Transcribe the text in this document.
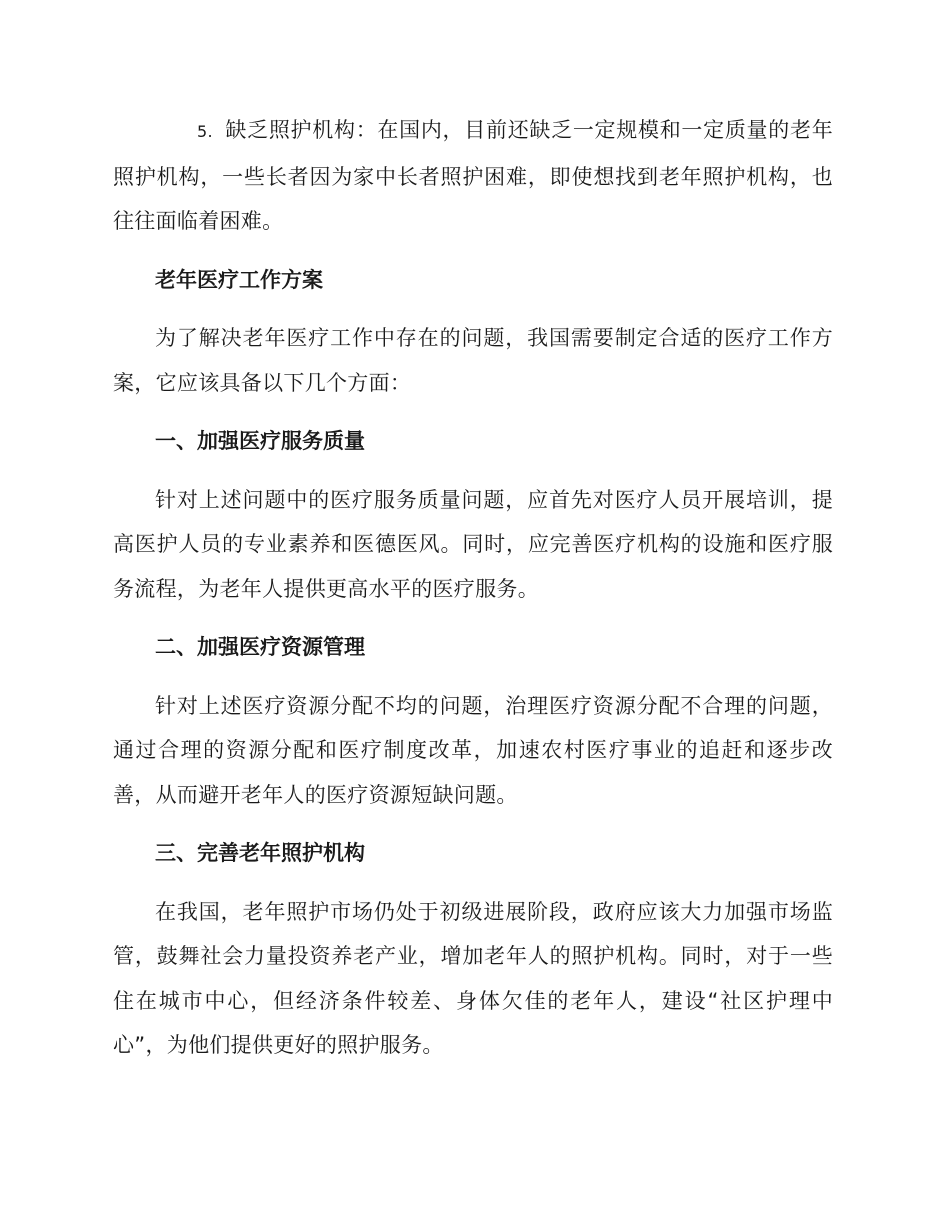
5. 缺乏照护机构：在国内，目前还缺乏一定规模和一定质量的老年照护机构，一些长者因为家中长者照护困难，即使想找到老年照护机构，也往往面临着困难。

老年医疗工作方案

为了解决老年医疗工作中存在的问题，我国需要制定合适的医疗工作方案，它应该具备以下几个方面：

一、加强医疗服务质量

针对上述问题中的医疗服务质量问题，应首先对医疗人员开展培训，提高医护人员的专业素养和医德医风。同时，应完善医疗机构的设施和医疗服务流程，为老年人提供更高水平的医疗服务。

二、加强医疗资源管理

针对上述医疗资源分配不均的问题，治理医疗资源分配不合理的问题，通过合理的资源分配和医疗制度改革，加速农村医疗事业的追赶和逐步改善，从而避开老年人的医疗资源短缺问题。

三、完善老年照护机构

在我国，老年照护市场仍处于初级进展阶段，政府应该大力加强市场监管，鼓舞社会力量投资养老产业，增加老年人的照护机构。同时，对于一些住在城市中心，但经济条件较差、身体欠佳的老年人，建设“社区护理中心”，为他们提供更好的照护服务。
